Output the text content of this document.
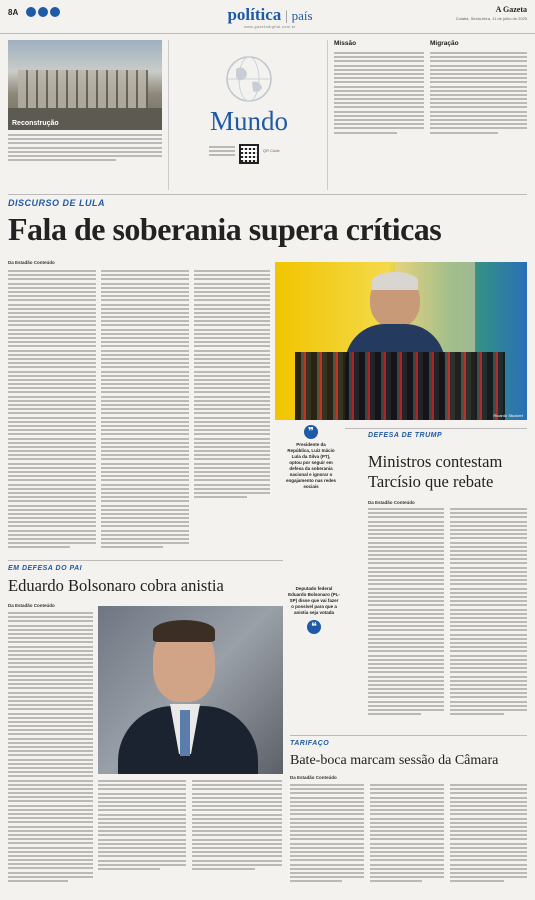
8A	política | país
www.gazetadigital.com.br
A Gazeta
Cuiabá, Sexta-feira, 11 de julho de 2025
Reconstrução	Mundo
QR Code
Missão	Migração
DISCURSO DE LULA
Fala de soberania supera críticas
Da Estadão Conteúdo
Ricardo Stuckert
❞
Presidente da República, Luiz Inácio Lula da Silva (PT), optou por seguir em defesa da soberania nacional e ignorar o engajamento nas redes sociais
DEFESA DE TRUMP
Ministros contestam Tarcísio que rebate
Da Estadão Conteúdo
EM DEFESA DO PAI
Eduardo Bolsonaro cobra anistia
Da Estadão Conteúdo
Deputado federal Eduardo Bolsonaro (PL-SP) disse que vai fazer o possível para que a anistia seja votada
❝
TARIFAÇO
Bate-boca marcam sessão da Câmara
Da Estadão Conteúdo
